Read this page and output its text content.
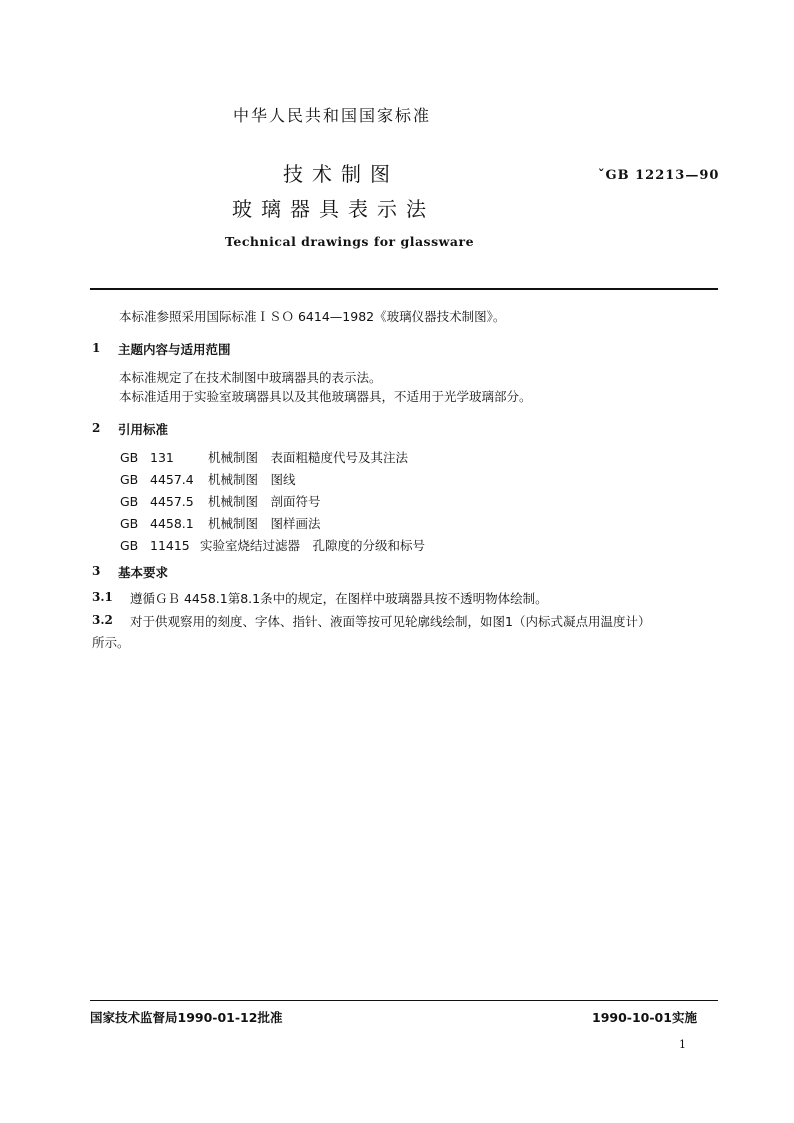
中华人民共和国国家标准
技术制图
玻璃器具表示法
ˇGB 12213—90
Technical drawings for glassware
本标准参照采用国际标准ＩＳＯ 6414—1982《玻璃仪器技术制图》。
1 主题内容与适用范围
本标准规定了在技术制图中玻璃器具的表示法。
本标准适用于实验室玻璃器具以及其他玻璃器具，不适用于光学玻璃部分。
2 引用标准
GB 131	机械制图　表面粗糙度代号及其注法
GB 4457.4 机械制图　图线
GB 4457.5 机械制图　剖面符号
GB 4458.1 机械制图　图样画法
GB 11415 实验室烧结过滤器　孔隙度的分级和标号
3 基本要求
3.1 遵循ＧＢ 4458.1第8.1条中的规定，在图样中玻璃器具按不透明物体绘制。
3.2 对于供观察用的刻度、字体、指针、液面等按可见轮廓线绘制，如图1（内标式凝点用温度计）
所示。
国家技术监督局1990-01-12批准	1990-10-01实施
1
